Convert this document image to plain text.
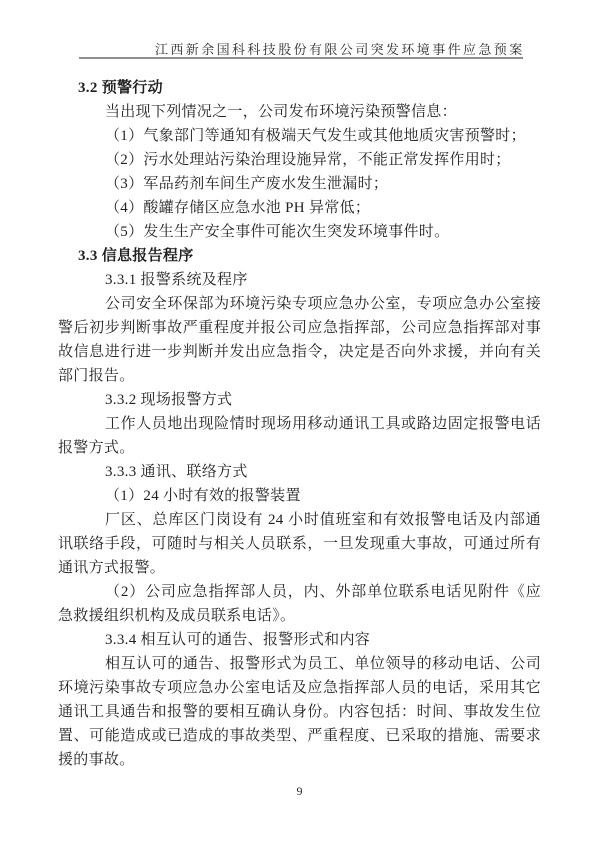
江西新余国科科技股份有限公司突发环境事件应急预案
3.2 预警行动
当出现下列情况之一，公司发布环境污染预警信息：
（1）气象部门等通知有极端天气发生或其他地质灾害预警时；
（2）污水处理站污染治理设施异常，不能正常发挥作用时；
（3）军品药剂车间生产废水发生泄漏时；
（4）酸罐存储区应急水池 PH 异常低；
（5）发生生产安全事件可能次生突发环境事件时。
3.3 信息报告程序
3.3.1 报警系统及程序
公司安全环保部为环境污染专项应急办公室，专项应急办公室接警后初步判断事故严重程度并报公司应急指挥部，公司应急指挥部对事故信息进行进一步判断并发出应急指令，决定是否向外求援，并向有关部门报告。
3.3.2 现场报警方式
工作人员地出现险情时现场用移动通讯工具或路边固定报警电话报警方式。
3.3.3 通讯、联络方式
（1）24 小时有效的报警装置
厂区、总库区门岗设有 24 小时值班室和有效报警电话及内部通讯联络手段，可随时与相关人员联系，一旦发现重大事故，可通过所有通讯方式报警。
（2）公司应急指挥部人员，内、外部单位联系电话见附件《应急救援组织机构及成员联系电话》。
3.3.4 相互认可的通告、报警形式和内容
相互认可的通告、报警形式为员工、单位领导的移动电话、公司环境污染事故专项应急办公室电话及应急指挥部人员的电话，采用其它通讯工具通告和报警的要相互确认身份。内容包括：时间、事故发生位置、可能造成或已造成的事故类型、严重程度、已采取的措施、需要求援的事故。
9
